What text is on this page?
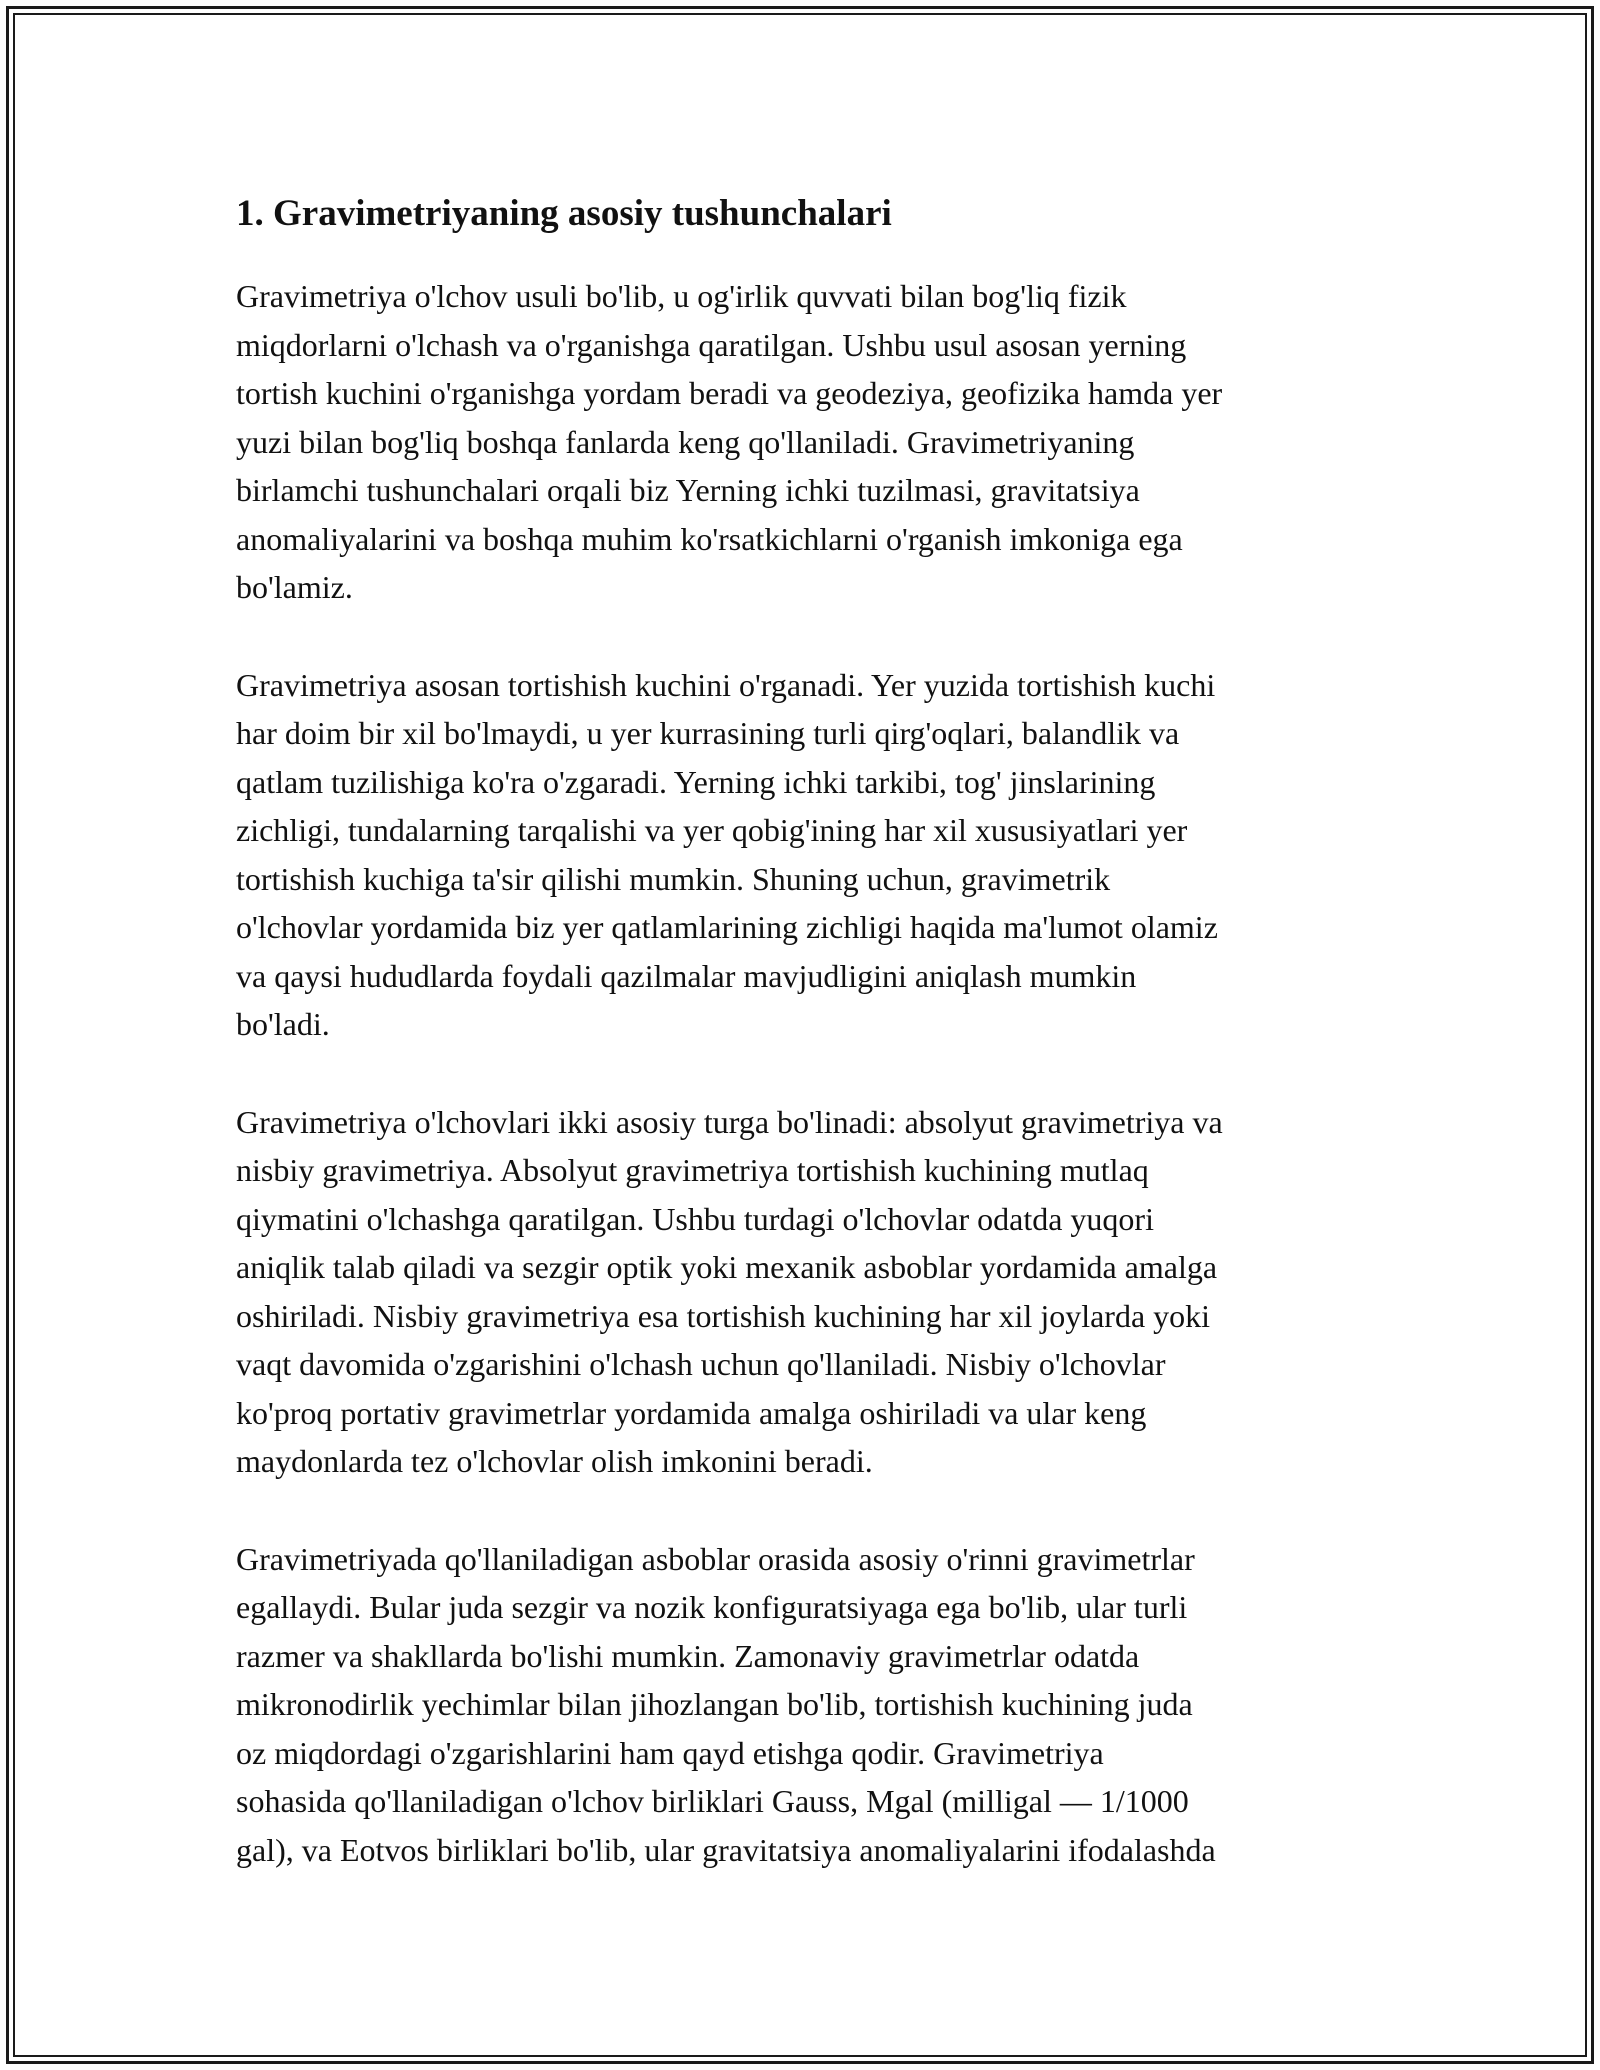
1. Gravimetriyaning asosiy tushunchalari

Gravimetriya o'lchov usuli bo'lib, u og'irlik quvvati bilan bog'liq fizik
miqdorlarni o'lchash va o'rganishga qaratilgan. Ushbu usul asosan yerning
tortish kuchini o'rganishga yordam beradi va geodeziya, geofizika hamda yer
yuzi bilan bog'liq boshqa fanlarda keng qo'llaniladi. Gravimetriyaning
birlamchi tushunchalari orqali biz Yerning ichki tuzilmasi, gravitatsiya
anomaliyalarini va boshqa muhim ko'rsatkichlarni o'rganish imkoniga ega
bo'lamiz.

Gravimetriya asosan tortishish kuchini o'rganadi. Yer yuzida tortishish kuchi
har doim bir xil bo'lmaydi, u yer kurrasining turli qirg'oqlari, balandlik va
qatlam tuzilishiga ko'ra o'zgaradi. Yerning ichki tarkibi, tog' jinslarining
zichligi, tundalarning tarqalishi va yer qobig'ining har xil xususiyatlari yer
tortishish kuchiga ta'sir qilishi mumkin. Shuning uchun, gravimetrik
o'lchovlar yordamida biz yer qatlamlarining zichligi haqida ma'lumot olamiz
va qaysi hududlarda foydali qazilmalar mavjudligini aniqlash mumkin
bo'ladi.

Gravimetriya o'lchovlari ikki asosiy turga bo'linadi: absolyut gravimetriya va
nisbiy gravimetriya. Absolyut gravimetriya tortishish kuchining mutlaq
qiymatini o'lchashga qaratilgan. Ushbu turdagi o'lchovlar odatda yuqori
aniqlik talab qiladi va sezgir optik yoki mexanik asboblar yordamida amalga
oshiriladi. Nisbiy gravimetriya esa tortishish kuchining har xil joylarda yoki
vaqt davomida o'zgarishini o'lchash uchun qo'llaniladi. Nisbiy o'lchovlar
ko'proq portativ gravimetrlar yordamida amalga oshiriladi va ular keng
maydonlarda tez o'lchovlar olish imkonini beradi.

Gravimetriyada qo'llaniladigan asboblar orasida asosiy o'rinni gravimetrlar
egallaydi. Bular juda sezgir va nozik konfiguratsiyaga ega bo'lib, ular turli
razmer va shakllarda bo'lishi mumkin. Zamonaviy gravimetrlar odatda
mikronodirlik yechimlar bilan jihozlangan bo'lib, tortishish kuchining juda
oz miqdordagi o'zgarishlarini ham qayd etishga qodir. Gravimetriya
sohasida qo'llaniladigan o'lchov birliklari Gauss, Mgal (milligal — 1/1000
gal), va Eotvos birliklari bo'lib, ular gravitatsiya anomaliyalarini ifodalashda
